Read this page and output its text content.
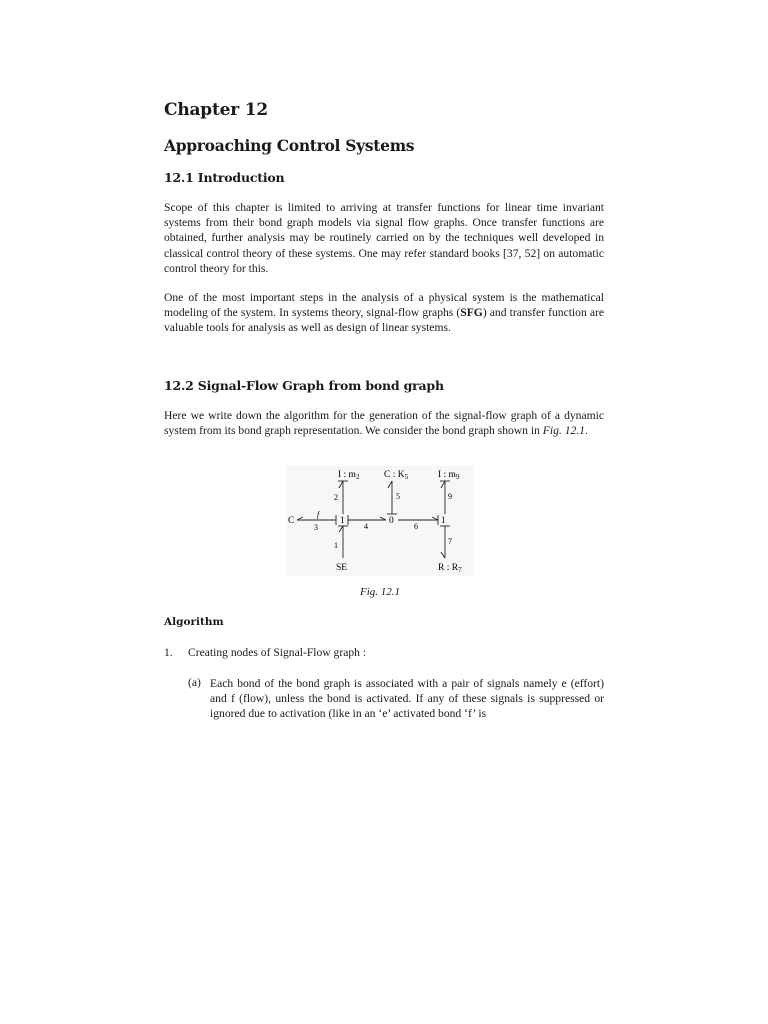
Chapter 12
Approaching Control Systems
12.1 Introduction

Scope of this chapter is limited to arriving at transfer functions for linear time invariant systems from their bond graph models via signal flow graphs. Once transfer functions are obtained, further analysis may be routinely carried on by the techniques well developed in classical control theory of these systems. One may refer standard books [37, 52] on automatic control theory for this.

One of the most important steps in the analysis of a physical system is the mathematical modeling of the system. In systems theory, signal-flow graphs (SFG) and transfer function are valuable tools for analysis as well as design of linear systems.

12.2 Signal-Flow Graph from bond graph

Here we write down the algorithm for the generation of the signal-flow graph of a dynamic system from its bond graph representation. We consider the bond graph shown in Fig. 12.1.

I : $m_2$	C : $K_5$	I : $m_9$
2	5	9
C
f
3
1
4
0
6
1
1
SE
7
R : $R_7$
Fig. 12.1
Algorithm
1. Creating nodes of Signal-Flow graph :
(a) Each bond of the bond graph is associated with a pair of signals namely e (effort) and f (flow), unless the bond is activated. If any of these signals is suppressed or ignored due to activation (like in an ‘e’ activated bond ‘f’ is
